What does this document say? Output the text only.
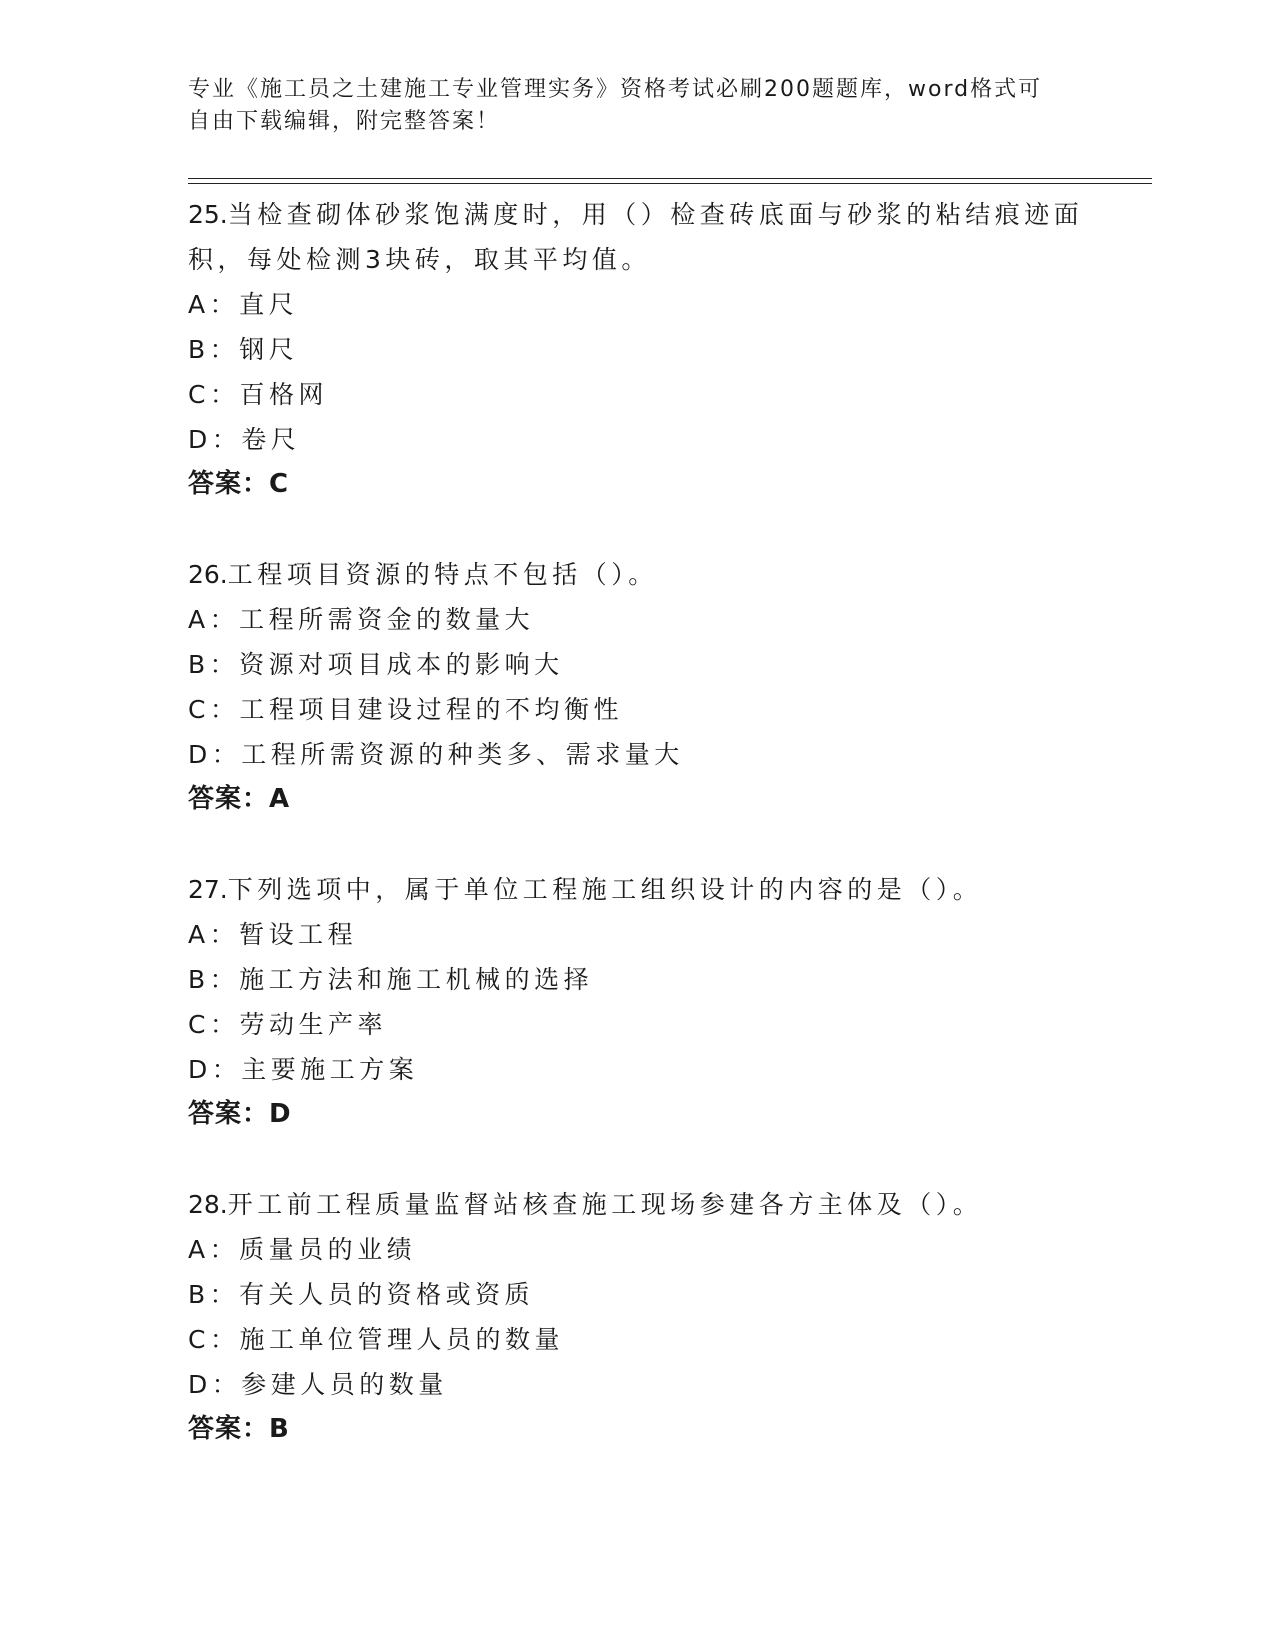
专业《施工员之土建施工专业管理实务》资格考试必刷200题题库，word格式可
自由下载编辑，附完整答案！
25.当检查砌体砂浆饱满度时，用（）检查砖底面与砂浆的粘结痕迹面积，每处检测3块砖，取其平均值。
A：直尺
B：钢尺
C：百格网
D：卷尺
答案：C
26.工程项目资源的特点不包括（）。
A：工程所需资金的数量大
B：资源对项目成本的影响大
C：工程项目建设过程的不均衡性
D：工程所需资源的种类多、需求量大
答案：A
27.下列选项中，属于单位工程施工组织设计的内容的是（）。
A：暂设工程
B：施工方法和施工机械的选择
C：劳动生产率
D：主要施工方案
答案：D
28.开工前工程质量监督站核查施工现场参建各方主体及（）。
A：质量员的业绩
B：有关人员的资格或资质
C：施工单位管理人员的数量
D：参建人员的数量
答案：B
